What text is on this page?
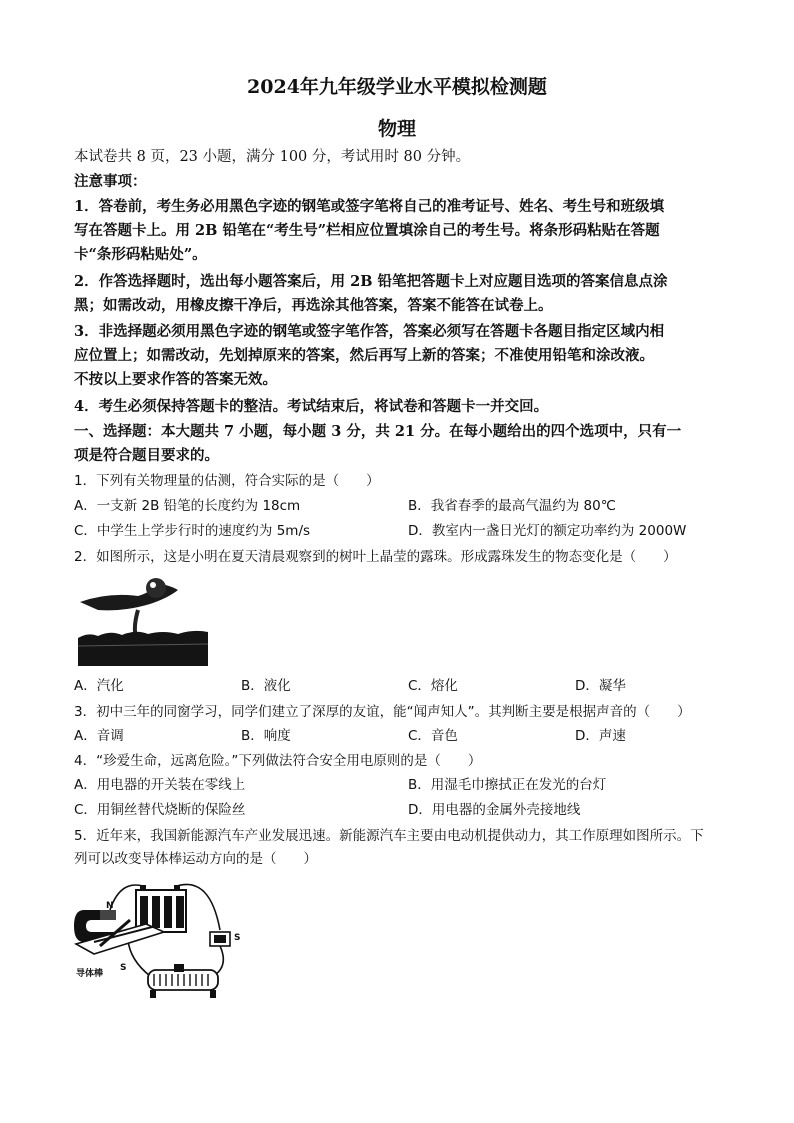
2024年九年级学业水平模拟检测题
物理
本试卷共 8 页，23 小题，满分 100 分，考试用时 80 分钟。
注意事项：
1．答卷前，考生务必用黑色字迹的钢笔或签字笔将自己的准考证号、姓名、考生号和班级填
写在答题卡上。用 2B 铅笔在“考生号”栏相应位置填涂自己的考生号。将条形码粘贴在答题
卡“条形码粘贴处”。
2．作答选择题时，选出每小题答案后，用 2B 铅笔把答题卡上对应题目选项的答案信息点涂
黑；如需改动，用橡皮擦干净后，再选涂其他答案，答案不能答在试卷上。
3．非选择题必须用黑色字迹的钢笔或签字笔作答，答案必须写在答题卡各题目指定区域内相
应位置上；如需改动，先划掉原来的答案，然后再写上新的答案；不准使用铅笔和涂改液。
不按以上要求作答的答案无效。
4．考生必须保持答题卡的整洁。考试结束后，将试卷和答题卡一并交回。
一、选择题：本大题共 7 小题，每小题 3 分，共 21 分。在每小题给出的四个选项中，只有一
项是符合题目要求的。
1．下列有关物理量的估测，符合实际的是（　　）
A．一支新 2B 铅笔的长度约为 18cm	B．我省春季的最高气温约为 80℃
C．中学生上学步行时的速度约为 5m/s	D．教室内一盏日光灯的额定功率约为 2000W
2．如图所示，这是小明在夏天清晨观察到的树叶上晶莹的露珠。形成露珠发生的物态变化是（　　）
A．汽化	B．液化	C．熔化	D．凝华
3．初中三年的同窗学习，同学们建立了深厚的友谊，能“闻声知人”。其判断主要是根据声音的（　　）
A．音调	B．响度	C．音色	D．声速
4．“珍爱生命，远离危险。”下列做法符合安全用电原则的是（　　）
A．用电器的开关装在零线上	B．用湿毛巾擦拭正在发光的台灯
C．用铜丝替代烧断的保险丝	D．用电器的金属外壳接地线
5．近年来，我国新能源汽车产业发展迅速。新能源汽车主要由电动机提供动力，其工作原理如图所示。下
列可以改变导体棒运动方向的是（　　）
N
S
S
导体棒
